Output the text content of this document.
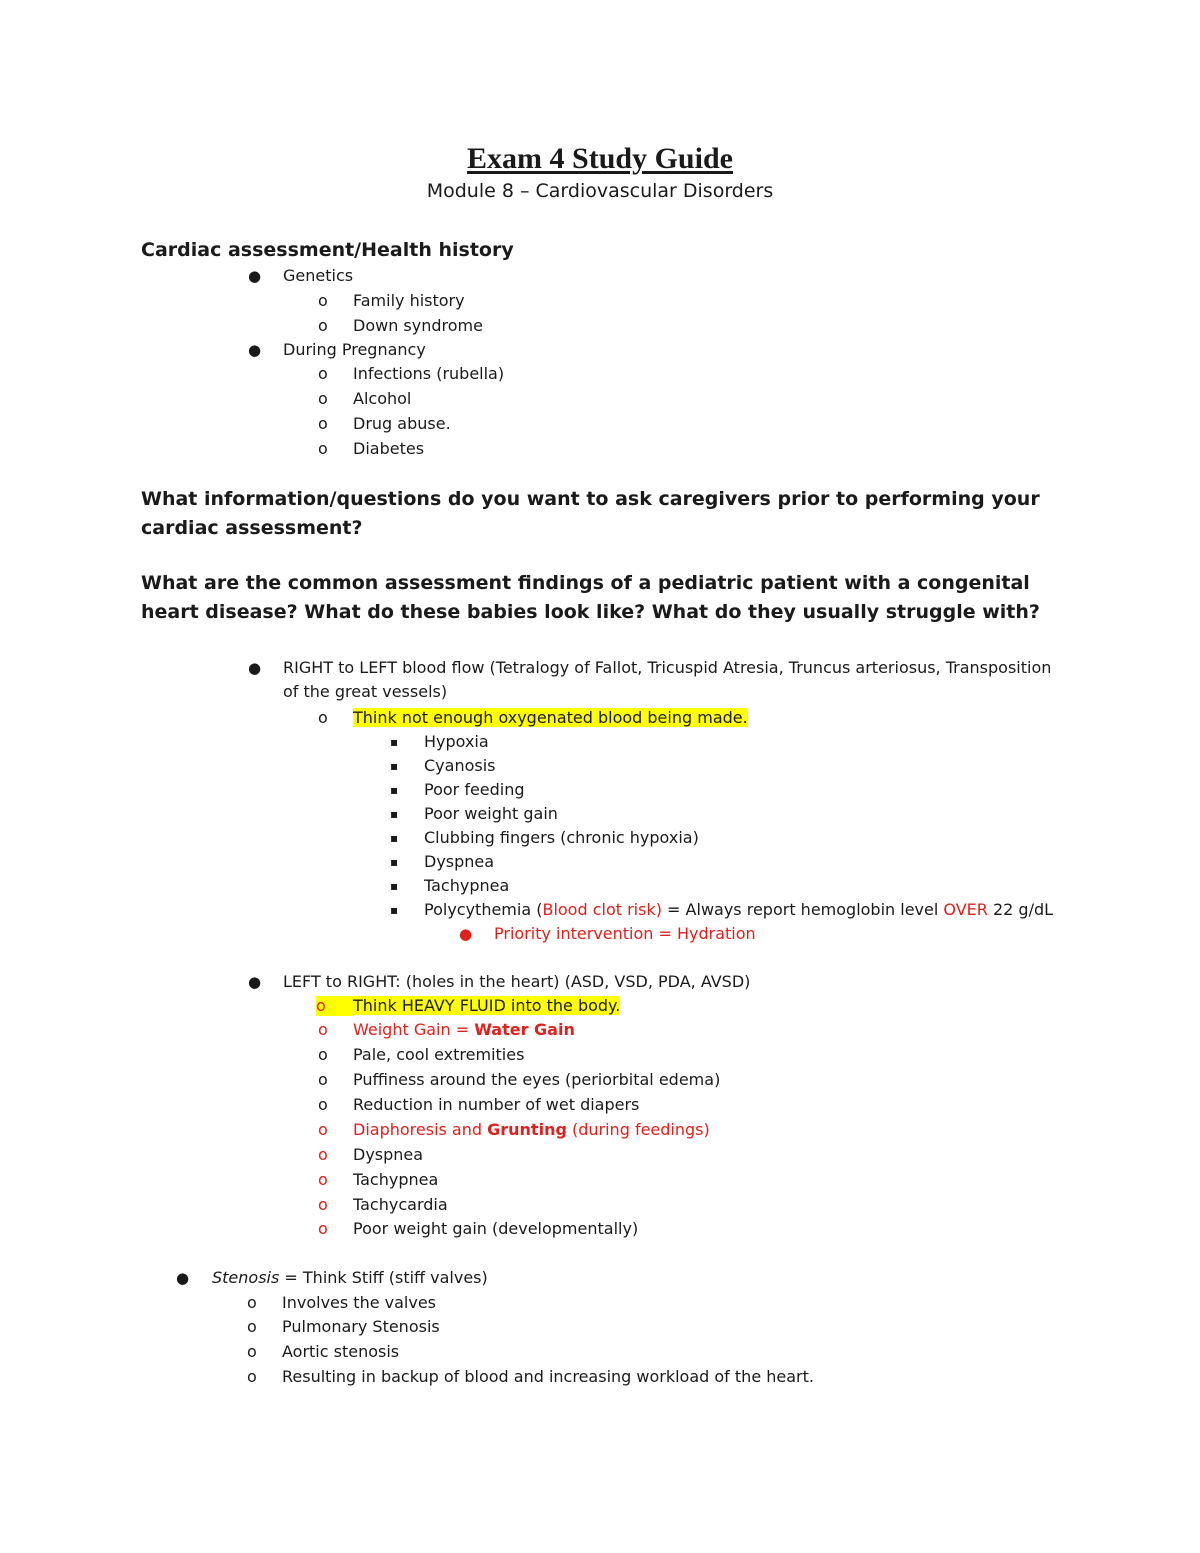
Exam 4 Study Guide
Module 8 – Cardiovascular Disorders
Cardiac assessment/Health history
● Genetics
o Family history
o Down syndrome
● During Pregnancy
o Infections (rubella)
o Alcohol
o Drug abuse.
o Diabetes
What information/questions do you want to ask caregivers prior to performing your cardiac assessment?
What are the common assessment findings of a pediatric patient with a congenital heart disease? What do these babies look like? What do they usually struggle with?
● RIGHT to LEFT blood flow (Tetralogy of Fallot, Tricuspid Atresia, Truncus arteriosus, Transposition of the great vessels)
o Think not enough oxygenated blood being made.
▪ Hypoxia
▪ Cyanosis
▪ Poor feeding
▪ Poor weight gain
▪ Clubbing fingers (chronic hypoxia)
▪ Dyspnea
▪ Tachypnea
▪ Polycythemia (Blood clot risk) = Always report hemoglobin level OVER 22 g/dL
● Priority intervention = Hydration
● LEFT to RIGHT: (holes in the heart) (ASD, VSD, PDA, AVSD)
o	Think HEAVY FLUID into the body.
o Weight Gain = Water Gain
o Pale, cool extremities
o Puffiness around the eyes (periorbital edema)
o Reduction in number of wet diapers
o Diaphoresis and Grunting (during feedings)
o Dyspnea
o Tachypnea
o Tachycardia
o Poor weight gain (developmentally)
● Stenosis = Think Stiff (stiff valves)
o Involves the valves
o Pulmonary Stenosis
o Aortic stenosis
o Resulting in backup of blood and increasing workload of the heart.
